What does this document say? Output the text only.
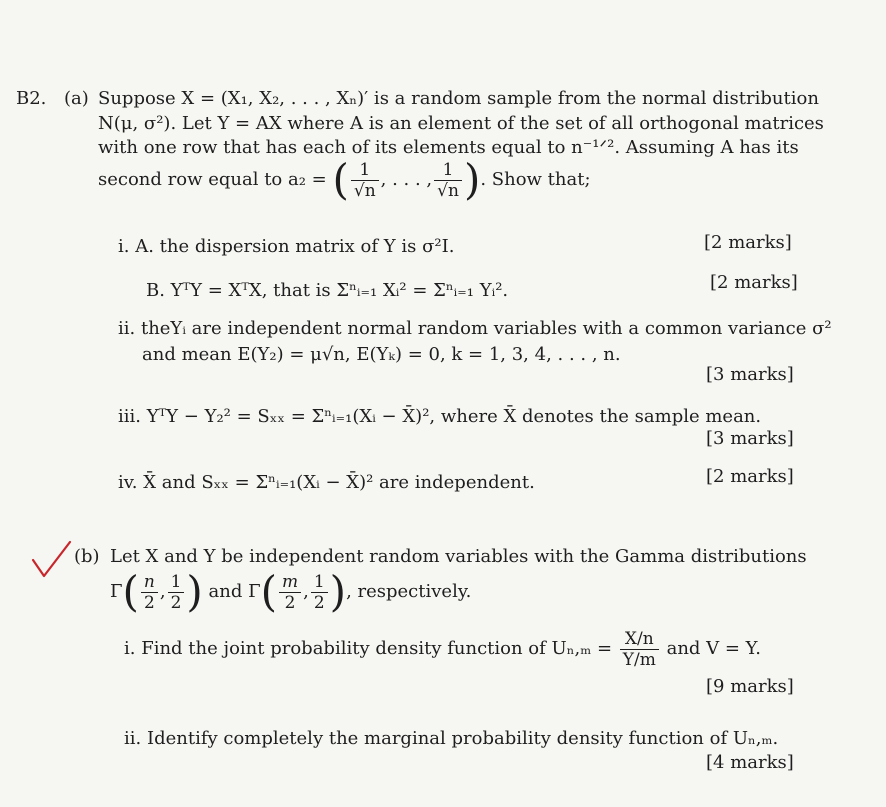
B2. (a) Suppose X = (X₁, X₂, . . . , Xₙ)′ is a random sample from the normal distribution
N(μ, σ²). Let Y = AX where A is an element of the set of all orthogonal matrices
with one row that has each of its elements equal to n⁻¹ᐟ². Assuming A has its
second row equal to a₂ = ( $\frac{1}{√n}$ , . . . , $\frac{1}{√n}$ ). Show that;
i. A. the dispersion matrix of Y is σ²I.	[2 marks]
B. YᵀY = XᵀX, that is Σⁿᵢ₌₁ Xᵢ² = Σⁿᵢ₌₁ Yᵢ².	[2 marks]
ii. theYᵢ are independent normal random variables with a common variance σ²
and mean E(Y₂) = μ√n, E(Yₖ) = 0, k = 1, 3, 4, . . . , n.
[3 marks]
iii. YᵀY − Y₂² = Sₓₓ = Σⁿᵢ₌₁(Xᵢ − X̄)², where X̄ denotes the sample mean.
[3 marks]
iv. X̄ and Sₓₓ = Σⁿᵢ₌₁(Xᵢ − X̄)² are independent.	[2 marks]
(b) Let X and Y be independent random variables with the Gamma distributions
$\Gamma( \frac{n}{2}$ , $\frac{1}{2}$ ) and $\Gamma( \frac{m}{2}$ , $\frac{1}{2}$ ), respectively.
i. Find the joint probability density function of $U_n,_m = \frac{X/n}{Y/m}$ and V = Y.
[9 marks]
ii. Identify completely the marginal probability density function of Uₙ,ₘ.
[4 marks]
